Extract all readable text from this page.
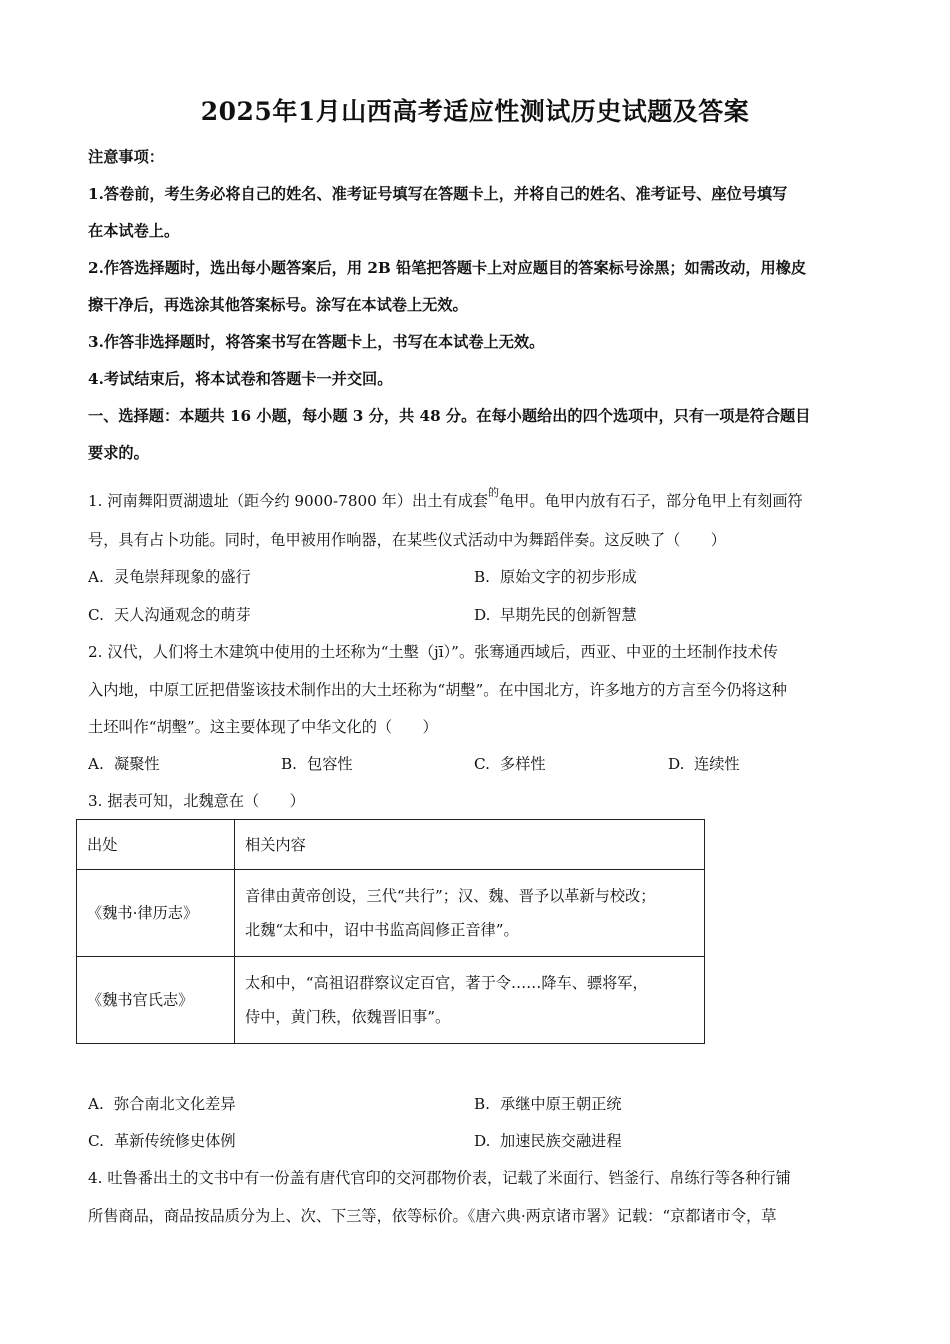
2025年1月山西高考适应性测试历史试题及答案
注意事项：
1.答卷前，考生务必将自己的姓名、准考证号填写在答题卡上，并将自己的姓名、准考证号、座位号填写
在本试卷上。
2.作答选择题时，选出每小题答案后，用 2B 铅笔把答题卡上对应题目的答案标号涂黑；如需改动，用橡皮
擦干净后，再选涂其他答案标号。涂写在本试卷上无效。
3.作答非选择题时，将答案书写在答题卡上，书写在本试卷上无效。
4.考试结束后，将本试卷和答题卡一并交回。
一、选择题：本题共 16 小题，每小题 3 分，共 48 分。在每小题给出的四个选项中，只有一项是符合题目
要求的。
1. 河南舞阳贾湖遗址（距今约 9000-7800 年）出土有成套$^的$龟甲。龟甲内放有石子，部分龟甲上有刻画符
号，具有占卜功能。同时，龟甲被用作响器，在某些仪式活动中为舞蹈伴奏。这反映了（　　）
A. 灵龟崇拜现象的盛行	B. 原始文字的初步形成
C. 天人沟通观念的萌芽	D. 早期先民的创新智慧
2. 汉代，人们将土木建筑中使用的土坯称为“土墼（jī）”。张骞通西域后，西亚、中亚的土坯制作技术传
入内地，中原工匠把借鉴该技术制作出的大土坯称为“胡墼”。在中国北方，许多地方的方言至今仍将这种
土坯叫作“胡墼”。这主要体现了中华文化的（　　）
A. 凝聚性	B. 包容性	C. 多样性	D. 连续性
3. 据表可知，北魏意在（　　）
出处	相关内容
《魏书·律历志》	音律由黄帝创设，三代“共行”；汉、魏、晋予以革新与校改；
北魏“太和中，诏中书监高闾修正音律”。

《魏书官氏志》	太和中，“高祖诏群察议定百官，著于令……降车、骠将军，
侍中，黄门秩，依魏晋旧事”。
A. 弥合南北文化差异	B. 承继中原王朝正统
C. 革新传统修史体例	D. 加速民族交融进程
4. 吐鲁番出土的文书中有一份盖有唐代官印的交河郡物价表，记载了米面行、铛釜行、帛练行等各种行铺
所售商品，商品按品质分为上、次、下三等，依等标价。《唐六典·两京诸市署》记载：“京都诸市令，草
